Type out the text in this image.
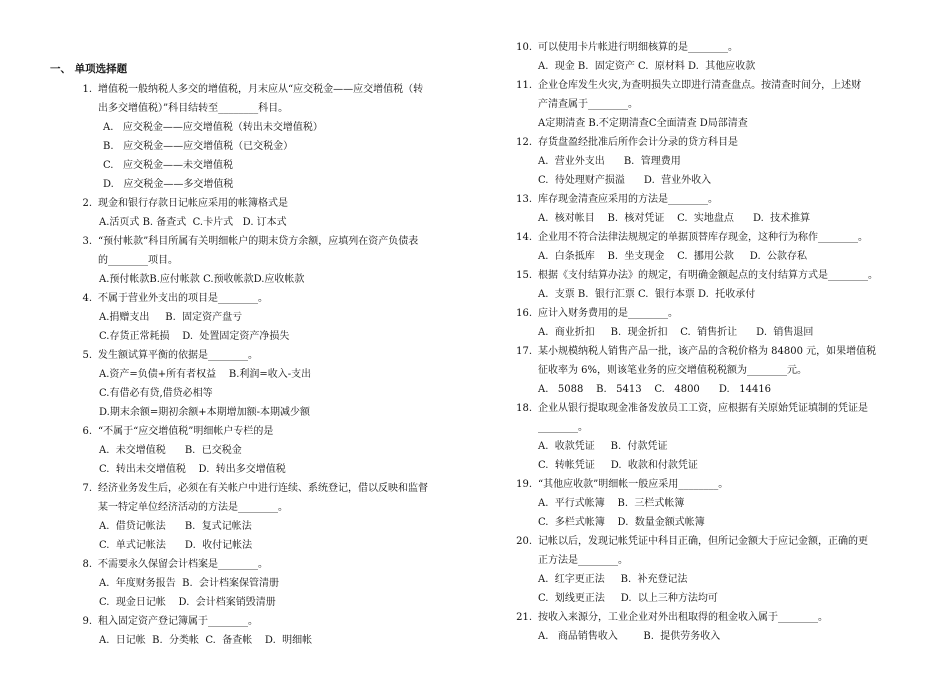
一、 单项选择题
1. 增值税一般纳税人多交的增值税，月末应从“应交税金——应交增值税（转
出多交增值税）”科目结转至________科目。
A.   应交税金——应交增值税（转出未交增值税）
B.   应交税金——应交增值税（已交税金）
C.   应交税金——未交增值税
D.   应交税金——多交增值税
2. 现金和银行存款日记帐应采用的帐簿格式是
A.活页式 B. 备查式  C.卡片式   D. 订本式
3. “预付帐款”科目所属有关明细帐户的期末贷方余额，应填列在资产负债表
的________项目。
A.预付帐款B.应付帐款 C.预收帐款D.应收帐款
4. 不属于营业外支出的项目是________。
A.捐赠支出     B.  固定资产盘亏
C.存货正常耗损    D.  处置固定资产净损失
5. 发生额试算平衡的依据是________。
A.资产=负债+所有者权益    B.利润=收入-支出
C.有借必有贷,借贷必相等
D.期末余额=期初余额+本期增加额-本期减少额
6. “不属于“应交增值税”明细帐户专栏的是
A.  未交增值税      B.  已交税金
C.  转出未交增值税    D.  转出多交增值税
7. 经济业务发生后，必须在有关帐户中进行连续、系统登记，借以反映和监督
某一特定单位经济活动的方法是________。
A.  借贷记帐法      B.  复式记帐法
C.  单式记帐法      D.  收付记帐法
8. 不需要永久保留会计档案是________。
A.  年度财务报告  B.  会计档案保管清册
C.  现金日记帐    D.  会计档案销毁清册
9. 租入固定资产登记簿属于________。
A.  日记帐  B.  分类帐  C.  备查帐    D.  明细帐
10. 可以使用卡片帐进行明细核算的是________。
A.  现金 B.  固定资产 C.  原材料 D.  其他应收款
11. 企业仓库发生火灾,为查明损失立即进行清查盘点。按清查时间分，上述财
产清查属于________。
A定期清查 B.不定期清查C全面清查 D局部清查
12. 存货盘盈经批准后所作会计分录的贷方科目是
A.  营业外支出      B.  管理费用
C.  待处理财产损溢      D.  营业外收入
13. 库存现金清查应采用的方法是________。
A.  核对帐目    B.  核对凭证    C.  实地盘点      D.  技术推算
14. 企业用不符合法律法规规定的单据顶替库存现金，这种行为称作________。
A.  白条抵库    B.  坐支现金    C.  挪用公款     D.  公款存私
15. 根据《支付结算办法》的规定，有明确金额起点的支付结算方式是________。
A.  支票 B.  银行汇票 C.  银行本票 D.  托收承付
16. 应计入财务费用的是________。
A.  商业折扣     B.  现金折扣    C.  销售折让      D.  销售退回
17. 某小规模纳税人销售产品一批，该产品的含税价格为 84800 元，如果增值税
征收率为 6%，则该笔业务的应交增值税税额为________元。
A.   5088    B.   5413    C.   4800      D.   14416
18. 企业从银行提取现金准备发放员工工资，应根据有关原始凭证填制的凭证是
________。
A.  收款凭证     B.  付款凭证
C.  转帐凭证     D.  收款和付款凭证
19. “其他应收款”明细帐一般应采用________。
A.  平行式帐簿    B.  三栏式帐簿
C.  多栏式帐簿    D.  数量金额式帐簿
20. 记帐以后，发现记帐凭证中科目正确，但所记金额大于应记金额，正确的更
正方法是________。
A.  红字更正法     B.  补充登记法
C.  划线更正法     D.  以上三种方法均可
21. 按收入来源分，工业企业对外出租取得的租金收入属于________。
A.   商品销售收入        B.  提供劳务收入
